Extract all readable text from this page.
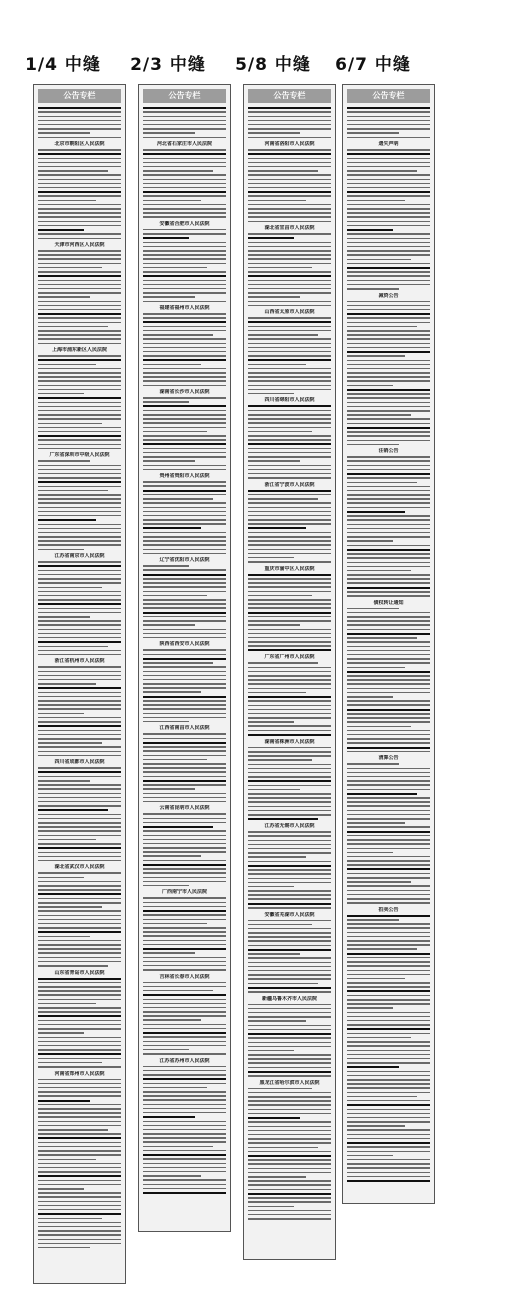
1/4 中缝	2/3 中缝	5/8 中缝	6/7 中缝
公告专栏
北京市朝阳区人民法院
天津市河西区人民法院
上海市浦东新区人民法院
广东省深圳市中级人民法院
江苏省南京市人民法院
浙江省杭州市人民法院
四川省成都市人民法院
湖北省武汉市人民法院
山东省青岛市人民法院
河南省郑州市人民法院
公告专栏
河北省石家庄市人民法院
安徽省合肥市人民法院
福建省福州市人民法院
湖南省长沙市人民法院
贵州省贵阳市人民法院
辽宁省沈阳市人民法院
陕西省西安市人民法院
江西省南昌市人民法院
云南省昆明市人民法院
广西南宁市人民法院
吉林省长春市人民法院
江苏省苏州市人民法院
公告专栏
河南省洛阳市人民法院
湖北省宜昌市人民法院
山西省太原市人民法院
四川省绵阳市人民法院
浙江省宁波市人民法院
重庆市渝中区人民法院
广东省广州市人民法院
湖南省株洲市人民法院
江苏省无锡市人民法院
安徽省芜湖市人民法院
新疆乌鲁木齐市人民法院
黑龙江省哈尔滨市人民法院
公告专栏
遗失声明
减资公告
注销公告
债权转让通知
清算公告
拍卖公告
